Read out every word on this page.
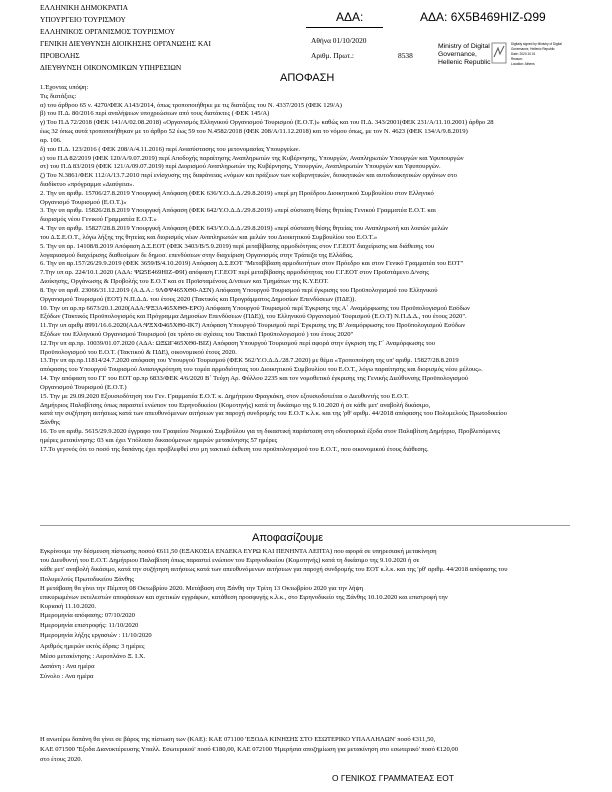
ΕΛΛΗΝΙΚΗ ΔΗΜΟΚΡΑΤΙΑ
ΥΠΟΥΡΓΕΙΟ ΤΟΥΡΙΣΜΟΥ
ΕΛΛΗΝΙΚΟΣ ΟΡΓΑΝΙΣΜΟΣ ΤΟΥΡΙΣΜΟΥ
ΓΕΝΙΚΗ ΔΙΕΥΘΥΝΣΗ ΔΙΟΙΚΗΣΗΣ ΟΡΓΑΝΩΣΗΣ ΚΑΙ
ΠΡΟΒΟΛΗΣ
ΔΙΕΥΘΥΝΣΗ ΟΙΚΟΝΟΜΙΚΩΝ ΥΠΗΡΕΣΙΩΝ
ΑΔΑ:	ΑΔΑ: 6Χ5Β469ΗΙΖ-Ω99
Αθήνα 01/10/2020
Αριθμ. Πρωτ.:	8538
Ministry of Digital
Governance,
Hellenic Republic
Digitally signed by Ministry of Digital
Governance, Hellenic Republic
Date: 2020.10.01
Reason:
Location: Athens
ΑΠΟΦΑΣΗ
1.Έχοντας υπόψη:
Τις διατάξεις:
α) του άρθρου 65 ν. 4270/ΦΕΚ Α143/2014, όπως τροποποιήθηκε με τις διατάξεις του Ν. 4337/2015 (ΦΕΚ 129/Α)
β) του Π.Δ. 80/2016 περί αναλήψεων υποχρεώσεων από τους διατάκτες ( ΦΕΚ 145/Α)
γ) Του Π.Δ 72/2018 (ΦΕΚ 141/Α/02.08.2018) «Οργανισμός Ελληνικού Οργανισμού Τουρισμού (Ε.Ο.Τ.)» καθώς και του Π.Δ. 343/2001(ΦΕΚ 231/Α/11.10.2001) άρθρο 28
έως 32 όπως αυτά τροποποιήθηκαν με το άρθρο 52 έως 59 του Ν.4582/2018 (ΦΕΚ 208/Α/11.12.2018) και το νόμου όπως, με τον Ν. 4623 (ΦΕΚ 134/Α/9.8.2019)
αρ. 106.
δ) του Π.Δ. 123/2016 ( ΦΕΚ 208/Α/4.11.2016) περί Ανασύστασης του μετονομασίας Υπουργείων.
ε) του Π.Δ 82/2019 (ΦΕΚ 120/Α/9.07.2019) περί Αποδοχής παραίτησης Αναπληρωτών της Κυβέρνησης, Υπουργών, Αναπληρωτών Υπουργών και Υφυπουργών
στ) του Π.Δ 83/2019 (ΦΕΚ 121/Α/09.07.2019) περί Διορισμού Αναπληρωτών της Κυβέρνησης, Υπουργών, Αναπληρωτών Υπουργών και Υφυπουργών.
ζ) Του Ν.3861/ΦΕΚ 112/Α/13.7.2010 περί ενίσχυσης της διαφάνειας «νόμων και πράξεων των κυβερνητικών, διοικητικών και αυτοδιοικητικών οργάνων στο
διαδίκτυο «πρόγραμμα «Διαύγεια».
2. Την υπ αριθμ. 15706/27.8.2019 Υπουργική Απόφαση (ΦΕΚ 636/Υ.Ο.Δ.Δ./29.8.2019) «περί μη Προέδρου Διοικητικού Συμβουλίου στον Ελληνικό
Οργανισμό Τουρισμού (Ε.Ο.Τ.)»
3. Την υπ αριθμ. 15826/28.8.2019 Υπουργική Απόφαση (ΦΕΚ 642/Υ.Ο.Δ.Δ./29.8.2019) «περί σύσταση θέσης θητείας Γενικού Γραμματέα Ε.Ο.Τ. και
διορισμός νέου Γενικού Γραμματέα Ε.Ο.Τ.»
4. Την υπ αριθμ. 15827/28.8.2019 Υπουργική Απόφαση (ΦΕΚ 643/Υ.Ο.Δ.Δ./29.8.2019) «περί σύσταση θέσης θητείας του Αναπληρωτή και λοιπών μελών
του Δ.Σ.Ε.Ο.Τ., λόγω λήξης της θητείας και διορισμός νέων Αναπληρωτών και μελών του Διοικητικού Συμβουλίου του Ε.Ο.Τ.»
5. Την υπ αρ. 14108/8.2019 Απόφαση Δ.Σ.ΕΟΤ (ΦΕΚ 3403/Β/5.9.2019) περί μεταβίβασης αρμοδιότητας στον Γ.Γ.ΕΟΤ διαχείρισης και διάθεσης του
λογαριασμού διαχείρισης διαθεσίμων δε δημοσ. επενδύσεων στην διαχείριση Οργανισμός στην Τράπεζα της Ελλάδας.
6. Την υπ αρ.157/26/29.9.2019 (ΦΕΚ 3659/Β/4.10.2019) Απόφαση Δ.Σ.ΕΟΤ "Μεταβίβαση αρμοδιοτήτων στον Πρόεδρο και στον Γενικό Γραμματέα του ΕΟΤ"
7.Την υπ αρ. 224/10.1.2020 (ΑΔΑ: ΨΩ5Ε469ΗΙΖ-Φ9Ι) απόφαση Γ.Γ.ΕΟΤ περί μεταβίβασης αρμοδιότητας του Γ.Γ.ΕΟΤ στον Προϊστάμενο Δ/νσης
Διοίκησης, Οργάνωσης & Προβολής του Ε.Ο.Τ και σε Προϊσταμένους Δ/νσεων και Τμημάτων της Κ.Υ.ΕΟΤ.
8. Την υπ αριθ. 23066/31.12.2019 (Α.Δ.Α.: 9ΛΦΨ465ΧΘ0-ΑΣΝ) Απόφαση Υπουργού Τουρισμού περί έγκρισης του Προϋπολογισμού του Ελληνικού
Οργανισμού Τουρισμού (ΕΟΤ) Ν.Π.Δ.Δ. του έτους 2020 (Τακτικός και Προγράμματος Δημοσίων Επενδύσεων (ΠΔΕ)).
10. Την υπ αρ.πρ 6673/20.1.2020(ΑΔΑ:ΨΞ3Α465ΧΘΘ-ΕΡΟ) Απόφαση Υπουργού Τουρισμού περί Έγκρισης της Α΄ Αναμόρφωσης του Προϋπολογισμού Εσόδων
Εξόδων (Τακτικός Προϋπολογισμός και Πρόγραμμα Δημοσίων Επενδύσεων (ΠΔΕ)), του Ελληνικού Οργανισμού Τουρισμού (Ε.Ο.Τ) Ν.Π.Δ.Δ., του έτους 2020".
11.Την υπ αριθμ 8991/16.6.2020(ΑΔΑ:ΨΞΧΦ465ΧΘ0-ΙΚ7) Απόφαση Υπουργού Τουρισμού περί Έγκρισης της Β' Αναμόρφωσης του Προϋπολογισμού Εσόδων
Εξόδων του Ελληνικού Οργανισμού Τουρισμού (σε τρόπο σε σχέσεις του Τακτικό Προϋπολογισμού ) του έτους 2020"
12.Την υπ αρ.πρ. 10039/01.07.2020 (ΑΔΑ: ΩΞΩΓ465ΧΘ0-ΒΙΖ) Απόφαση Υπουργού Τουρισμού περί αφορά στην έγκριση της Γ΄ Αναμόρφωσης του
Προϋπολογισμού του Ε.Ο.Τ. (Τακτικού & ΠΔΕ), οικονομικού έτους 2020.
13.Την υπ αρ.πρ.11814/24.7.2020 απόφαση του Υπουργού Τουρισμού (ΦΕΚ 562/Υ.Ο.Δ.Δ./28.7.2020) με θέμα «Τροποποίηση της υπ' αριθμ. 15827/28.8.2019
απόφασης του Υπουργού Τουρισμού Ανασυγκρότηση του τομέα αρμοδιότητας του Διοικητικού Συμβουλίου του Ε.Ο.Τ., λόγω παραίτησης και διορισμός νέου μέλους».
14. Την απόφαση του ΓΓ του ΕΟΤ αρ.πρ 6833/ΦΕΚ 4/6/2020 Β΄ Τεύχη Αρ. Φύλλου 2235 και τον νομοθετικό έγκρισης της Γενικής Διεύθυνσης Προϋπολογισμού
Οργανισμού Τουρισμού (Ε.Ο.Τ.)
15. Την με 29.09.2020 Εξουσιοδότηση του Γεν. Γραμματέα Ε.Ο.Τ. κ. Δημήτριου Φραγκάκη, στον εξουσιοδοτείται ο Διευθυντής του Ε.Ο.Τ.
Δημήτριος Παλαβίτσης όπως παραστεί ενώπιον του Ειρηνοδικείου (Κομοτηνής) κατά τη δικάσιμο της 9.10.2020 ή σε κάθε μετ' αναβολή δικάσιμο,
κατά την συζήτηση αιτήσεως κατά των απευθυνόμενων αιτήσεων για παροχή συνδρομής του Ε.Ο.Τ κ.λ.κ. και της 'ρθ' αριθμ. 44/2018 απόφασης του Πολυμελούς Πρωτοδικείου
Ξάνθης
16. Το υπ αριθμ. 5615/29.9.2020 έγγραφο του Γραφείου Νομικού Συμβούλου για τη δικαστική παράσταση στη οδοιπορικά έξοδα στον Παλαβίτση Δημήτριο, Προβλεπόμενες
ημέρες μετακίνησης: 03 και έχει Υπόλοιπο δικαιούμενων ημερών μετακίνησης 57 ημέρες
17.Το γεγονός ότι το ποσό της δαπάνης έχει προβλεφθεί στο μη τακτικό έκθεση του προϋπολογισμού του Ε.Ο.Τ., που οικονομικού έτους διάθεσης.
Αποφασίζουμε
Εγκρίνουμε την δέσμευση πίστωσης ποσού €611,50 (ΕΞΑΚΟΣΙΑ ΕΝΔΕΚΑ ΕΥΡΩ ΚΑΙ ΠΕΝΗΝΤΑ ΛΕΠΤΑ) που αφορά σε υπηρεσιακή μετακίνηση
του Διευθυντή του Ε.Ο.Τ. Δημήτριου Παλαβίτση όπως παραστεί ενώπιον του Ειρηνοδικείου (Κομοτηνής) κατά τη δικάσιμο της 9.10.2020 ή σε
κάθε μετ' αναβολή δικάσιμο, κατά την συζήτηση αιτήσεως κατά των απευθυνόμενων αιτήσεων για παροχή συνδρομής του ΕΟΤ κ.λ.κ. και της 'ρθ' αριθμ. 44/2018 απόφασης του
Πολυμελούς Πρωτοδικείου Ξάνθης
Η μετάβαση θα γίνει την Πέμπτη 08 Οκτωβρίου 2020. Μετάβαση στη Ξάνθη την Τρίτη 13 Οκτωβρίου 2020 για την λήψη
επικυρωμένων εκτελεστών αποφάσεων και σχετικών εγγράφων, κατάθεση προσφυγής κ.λ.κ., στο Ειρηνοδικείο της Ξάνθης 10.10.2020 και επιστροφή την
Κυριακή 11.10.2020.
Ημερομηνία απόφασης: 07/10/2020
Ημερομηνία επιστροφής: 11/10/2020
Ημερομηνία λήξης εργασιών : 11/10/2020
Αριθμός ημερών εκτός έδρας: 3 ημέρες
Μέσο μετακίνησης : Αεροπλάνο Ξ. Ι.Χ.
Δαπάνη : Ανα ημέρα
Σύνολο : Ανα ημέρα
Η ανωτέρω δαπάνη θα γίνει σε βάρος της πίστωση των (ΚΑΕ): ΚΑΕ 071100 'ΕΞΟΔΑ ΚΙΝΗΣΗΣ ΣΤΟ ΕΣΩΤΕΡΙΚΟ ΥΠΑΛΛΗΛΩΝ' ποσό €311,50,
ΚΑΕ 071500 'Έξοδα Διανυκτέρευσης Υπαλλ. Εσωτερικού' ποσό €180,00, ΚΑΕ 072100 'Ημερήσια αποζημίωση για μετακίνηση στο εσωτερικό' ποσό €120,00
στο έτους 2020.
Ο ΓΕΝΙΚΟΣ ΓΡΑΜΜΑΤΕΑΣ ΕΟΤ
